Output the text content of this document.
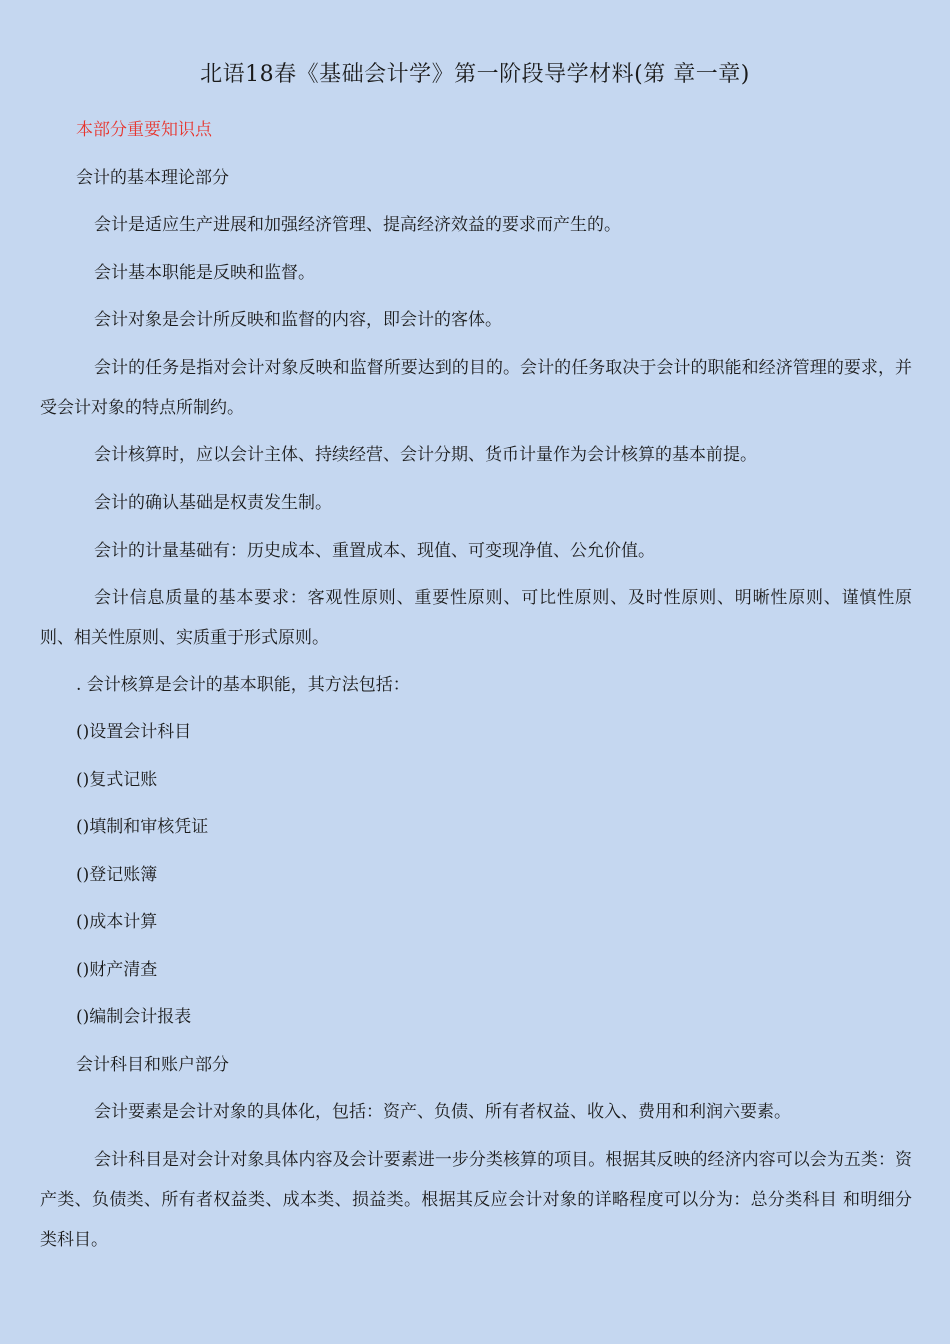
北语18春《基础会计学》第一阶段导学材料(第 章一章)
本部分重要知识点
会计的基本理论部分
会计是适应生产进展和加强经济管理、提高经济效益的要求而产生的。
会计基本职能是反映和监督。
会计对象是会计所反映和监督的内容，即会计的客体。
会计的任务是指对会计对象反映和监督所要达到的目的。会计的任务取决于会计的职能和经济管理的要求，并受会计对象的特点所制约。
会计核算时，应以会计主体、持续经营、会计分期、货币计量作为会计核算的基本前提。
会计的确认基础是权责发生制。
会计的计量基础有：历史成本、重置成本、现值、可变现净值、公允价值。
会计信息质量的基本要求：客观性原则、重要性原则、可比性原则、及时性原则、明晰性原则、谨慎性原 则、相关性原则、实质重于形式原则。
. 会计核算是会计的基本职能，其方法包括：
()设置会计科目
()复式记账
()填制和审核凭证
()登记账簿
()成本计算
()财产清查
()编制会计报表
会计科目和账户部分
会计要素是会计对象的具体化，包括：资产、负债、所有者权益、收入、费用和利润六要素。
会计科目是对会计对象具体内容及会计要素进一步分类核算的项目。根据其反映的经济内容可以会为五类：资产类、负债类、所有者权益类、成本类、损益类。根据其反应会计对象的详略程度可以分为：总分类科目 和明细分类科目。
